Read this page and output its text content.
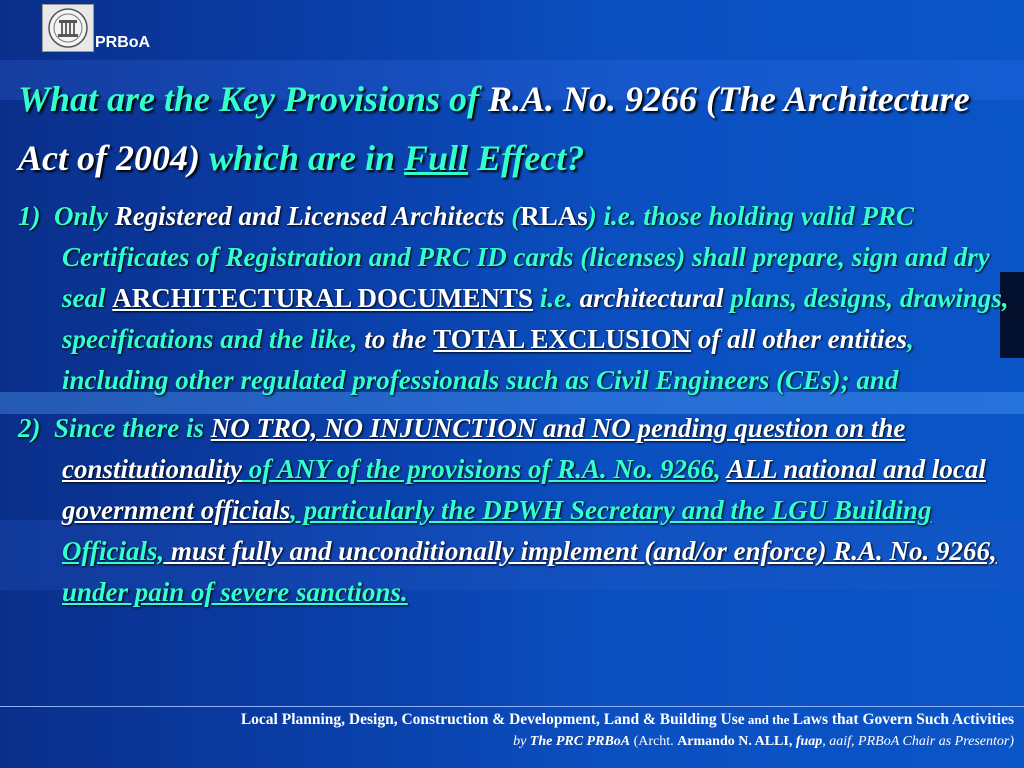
PRBoA
What are the Key Provisions of R.A. No. 9266 (The Architecture Act of 2004) which are in Full Effect?

1) Only Registered and Licensed Architects (RLAs) i.e. those holding valid PRC Certificates of Registration and PRC ID cards (licenses) shall prepare, sign and dry seal ARCHITECTURAL DOCUMENTS i.e. architectural plans, designs, drawings, specifications and the like, to the TOTAL EXCLUSION of all other entities, including other regulated professionals such as Civil Engineers (CEs); and

2) Since there is NO TRO, NO INJUNCTION and NO pending question on the constitutionality of ANY of the provisions of R.A. No. 9266, ALL national and local government officials, particularly the DPWH Secretary and the LGU Building Officials, must fully and unconditionally implement (and/or enforce) R.A. No. 9266, under pain of severe sanctions.

Local Planning, Design, Construction & Development, Land & Building Use and the Laws that Govern Such Activities
by The PRC PRBoA (Archt. Armando N. ALLI, fuap, aaif, PRBoA Chair as Presentor)
